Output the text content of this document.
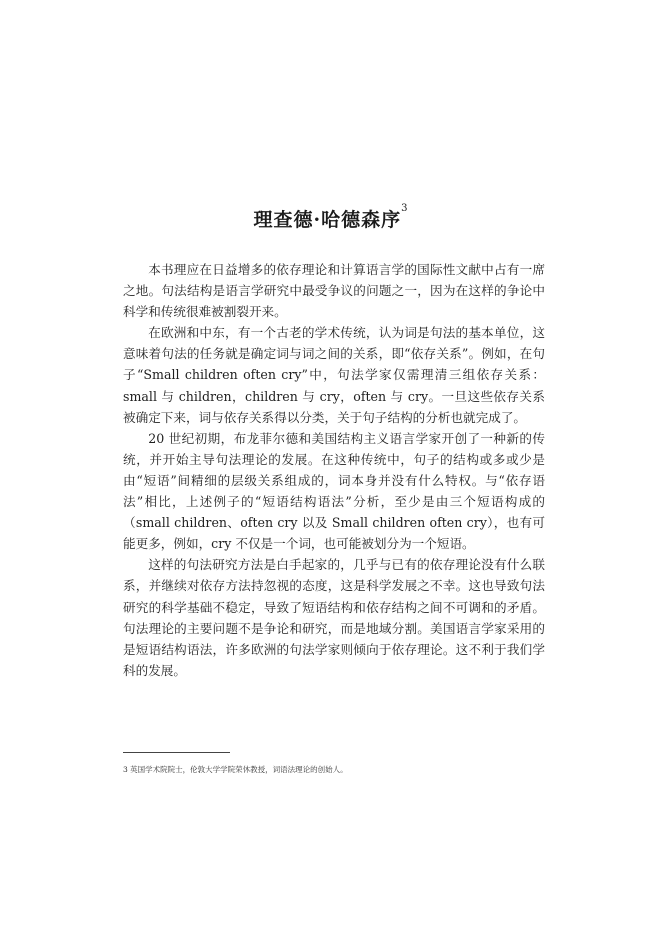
理查德·哈德森序$^3$

本书理应在日益增多的依存理论和计算语言学的国际性文献中占有一席之地。句法结构是语言学研究中最受争议的问题之一，因为在这样的争论中科学和传统很难被割裂开来。

在欧洲和中东，有一个古老的学术传统，认为词是句法的基本单位，这意味着句法的任务就是确定词与词之间的关系，即“依存关系”。例如，在句子“Small children often cry”中，句法学家仅需理清三组依存关系：small 与 children，children 与 cry，often 与 cry。一旦这些依存关系被确定下来，词与依存关系得以分类，关于句子结构的分析也就完成了。

20 世纪初期，布龙菲尔德和美国结构主义语言学家开创了一种新的传统，并开始主导句法理论的发展。在这种传统中，句子的结构或多或少是由“短语”间精细的层级关系组成的，词本身并没有什么特权。与“依存语法”相比，上述例子的“短语结构语法”分析，至少是由三个短语构成的（small children、often cry 以及 Small children often cry），也有可能更多，例如，cry 不仅是一个词，也可能被划分为一个短语。

这样的句法研究方法是白手起家的，几乎与已有的依存理论没有什么联系，并继续对依存方法持忽视的态度，这是科学发展之不幸。这也导致句法研究的科学基础不稳定，导致了短语结构和依存结构之间不可调和的矛盾。句法理论的主要问题不是争论和研究，而是地域分割。美国语言学家采用的是短语结构语法，许多欧洲的句法学家则倾向于依存理论。这不利于我们学科的发展。

3 英国学术院院士，伦敦大学学院荣休教授，词语法理论的创始人。
